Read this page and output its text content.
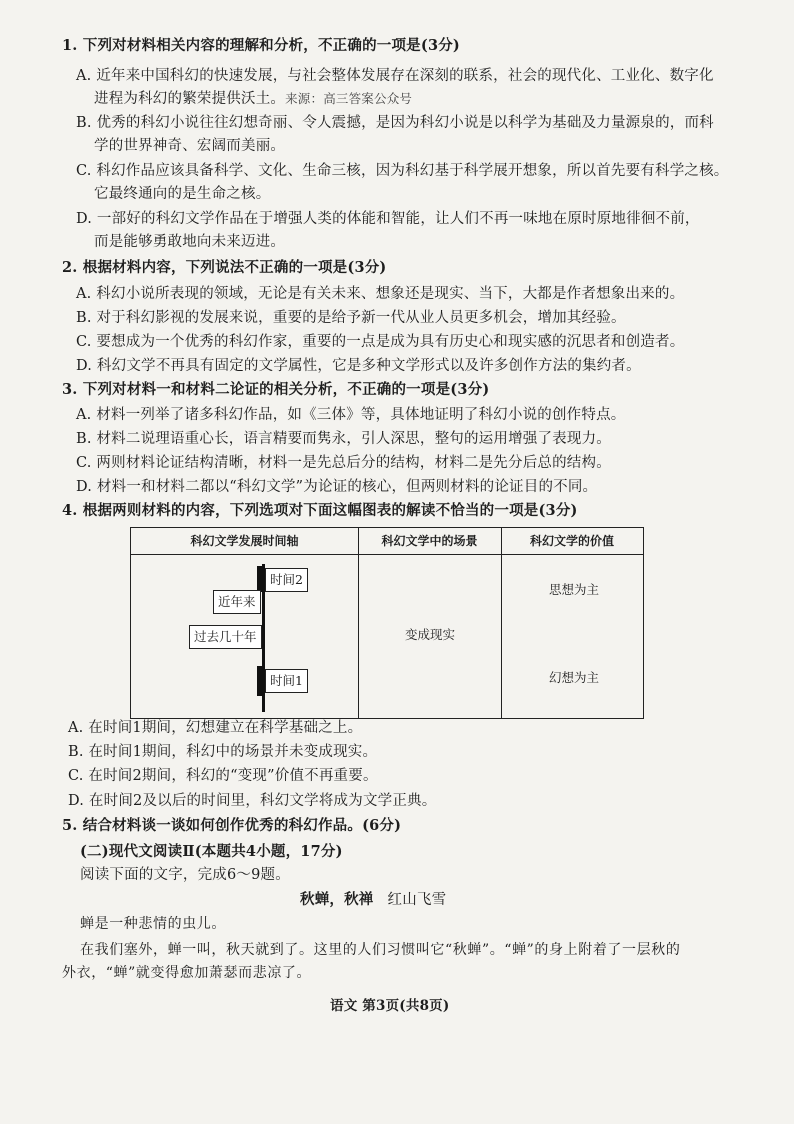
1. 下列对材料相关内容的理解和分析，不正确的一项是(3分)
A. 近年来中国科幻的快速发展，与社会整体发展存在深刻的联系，社会的现代化、工业化、数字化
进程为科幻的繁荣提供沃土。来源：高三答案公众号
B. 优秀的科幻小说往往幻想奇丽、令人震撼，是因为科幻小说是以科学为基础及力量源泉的，而科
学的世界神奇、宏阔而美丽。
C. 科幻作品应该具备科学、文化、生命三核，因为科幻基于科学展开想象，所以首先要有科学之核。
它最终通向的是生命之核。
D. 一部好的科幻文学作品在于增强人类的体能和智能，让人们不再一味地在原时原地徘徊不前，
而是能够勇敢地向未来迈进。
2. 根据材料内容，下列说法不正确的一项是(3分)
A. 科幻小说所表现的领域，无论是有关未来、想象还是现实、当下，大都是作者想象出来的。
B. 对于科幻影视的发展来说，重要的是给予新一代从业人员更多机会，增加其经验。
C. 要想成为一个优秀的科幻作家，重要的一点是成为具有历史心和现实感的沉思者和创造者。
D. 科幻文学不再具有固定的文学属性，它是多种文学形式以及许多创作方法的集约者。
3. 下列对材料一和材料二论证的相关分析，不正确的一项是(3分)
A. 材料一列举了诸多科幻作品，如《三体》等，具体地证明了科幻小说的创作特点。
B. 材料二说理语重心长，语言精要而隽永，引人深思，整句的运用增强了表现力。
C. 两则材料论证结构清晰，材料一是先总后分的结构，材料二是先分后总的结构。
D. 材料一和材料二都以“科幻文学”为论证的核心，但两则材料的论证目的不同。
4. 根据两则材料的内容，下列选项对下面这幅图表的解读不恰当的一项是(3分)
科幻文学发展时间轴	科幻文学中的场景	科幻文学的价值
时间2
近年来
过去几十年
时间1
变成现实
思想为主
幻想为主
A. 在时间1期间，幻想建立在科学基础之上。
B. 在时间1期间，科幻中的场景并未变成现实。
C. 在时间2期间，科幻的“变现”价值不再重要。
D. 在时间2及以后的时间里，科幻文学将成为文学正典。
5. 结合材料谈一谈如何创作优秀的科幻作品。(6分)
(二)现代文阅读Ⅱ(本题共4小题，17分)
阅读下面的文字，完成6～9题。
秋蝉，秋禅 红山飞雪
蝉是一种悲情的虫儿。
在我们塞外，蝉一叫，秋天就到了。这里的人们习惯叫它“秋蝉”。“蝉”的身上附着了一层秋的
外衣，“蝉”就变得愈加萧瑟而悲凉了。
语文 第3页(共8页)
